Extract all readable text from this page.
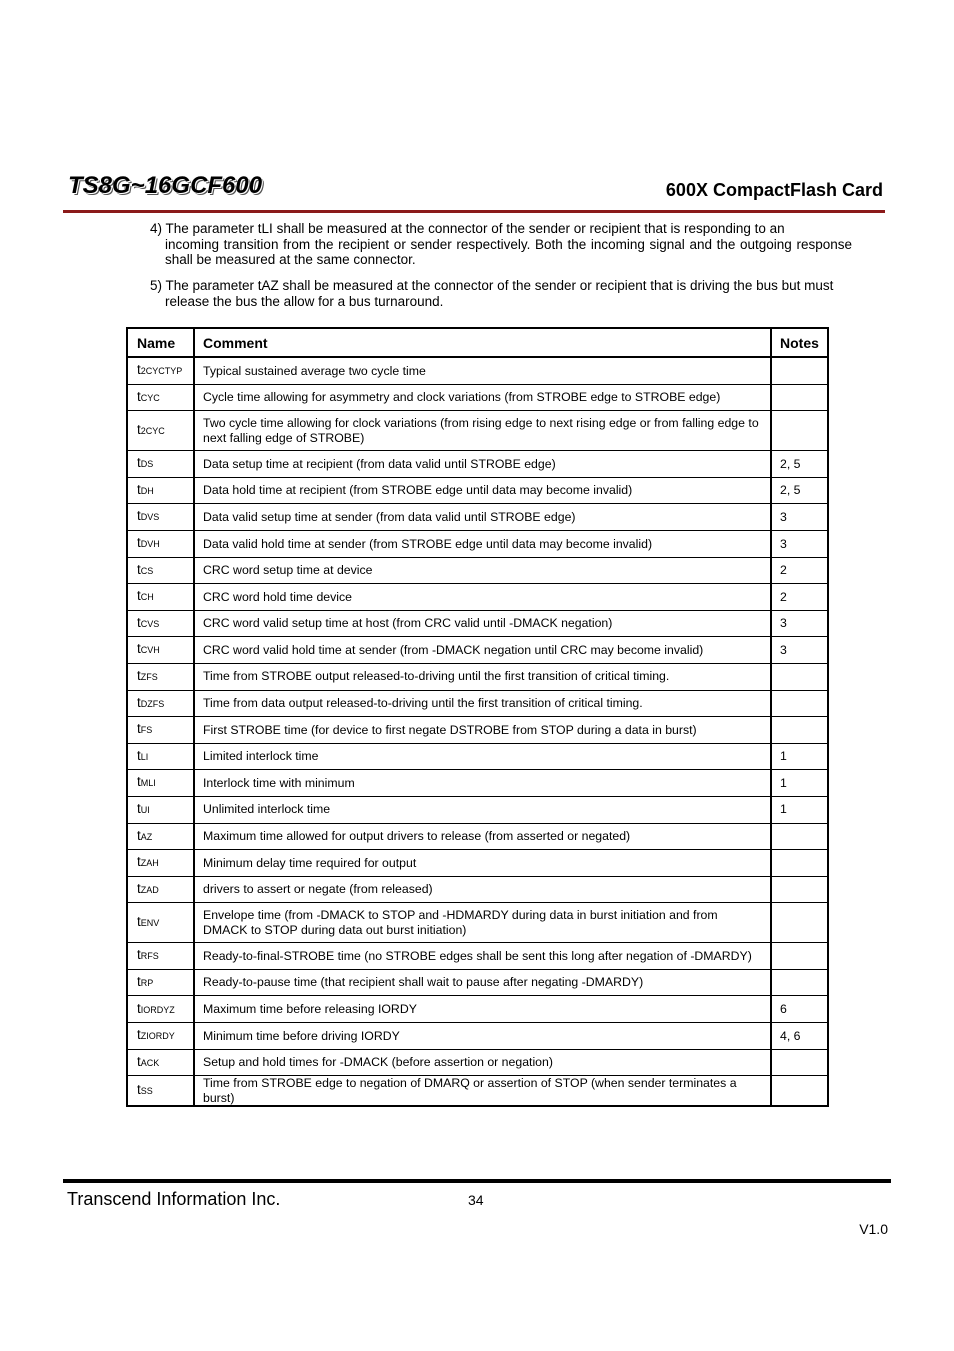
TS8G~16GCF600	600X CompactFlash Card
4) The parameter tLI shall be measured at the connector of the sender or recipient that is responding to an
incoming transition from the recipient or sender respectively. Both the incoming signal and the outgoing response shall be measured at the same connector.
5) The parameter tAZ shall be measured at the connector of the sender or recipient that is driving the bus but must
release the bus the allow for a bus turnaround.
Name	Comment	Notes
t2CYCTYP	Typical sustained average two cycle time	
tCYC	Cycle time allowing for asymmetry and clock variations (from STROBE edge to STROBE edge)	
t2CYC	Two cycle time allowing for clock variations (from rising edge to next rising edge or from falling edge to next falling edge of STROBE)	
tDS	Data setup time at recipient (from data valid until STROBE edge)	2, 5
tDH	Data hold time at recipient (from STROBE edge until data may become invalid)	2, 5
tDVS	Data valid setup time at sender (from data valid until STROBE edge)	3
tDVH	Data valid hold time at sender (from STROBE edge until data may become invalid)	3
tCS	CRC word setup time at device	2
tCH	CRC word hold time device	2
tCVS	CRC word valid setup time at host (from CRC valid until -DMACK negation)	3
tCVH	CRC word valid hold time at sender (from -DMACK negation until CRC may become invalid)	3
tZFS	Time from STROBE output released-to-driving until the first transition of critical timing.	
tDZFS	Time from data output released-to-driving until the first transition of critical timing.	
tFS	First STROBE time (for device to first negate DSTROBE from STOP during a data in burst)	
tLI	Limited interlock time	1
tMLI	Interlock time with minimum	1
tUI	Unlimited interlock time	1
tAZ	Maximum time allowed for output drivers to release (from asserted or negated)	
tZAH	Minimum delay time required for output	
tZAD	drivers to assert or negate (from released)	
tENV	Envelope time (from -DMACK to STOP and -HDMARDY during data in burst initiation and from DMACK to STOP during data out burst initiation)	
tRFS	Ready-to-final-STROBE time (no STROBE edges shall be sent this long after negation of -DMARDY)	
tRP	Ready-to-pause time (that recipient shall wait to pause after negating -DMARDY)	
tIORDYZ	Maximum time before releasing IORDY	6
tZIORDY	Minimum time before driving IORDY	4, 6
tACK	Setup and hold times for -DMACK (before assertion or negation)	
tSS	Time from STROBE edge to negation of DMARQ or assertion of STOP (when sender terminates a burst)	
Transcend Information Inc.	34
V1.0
